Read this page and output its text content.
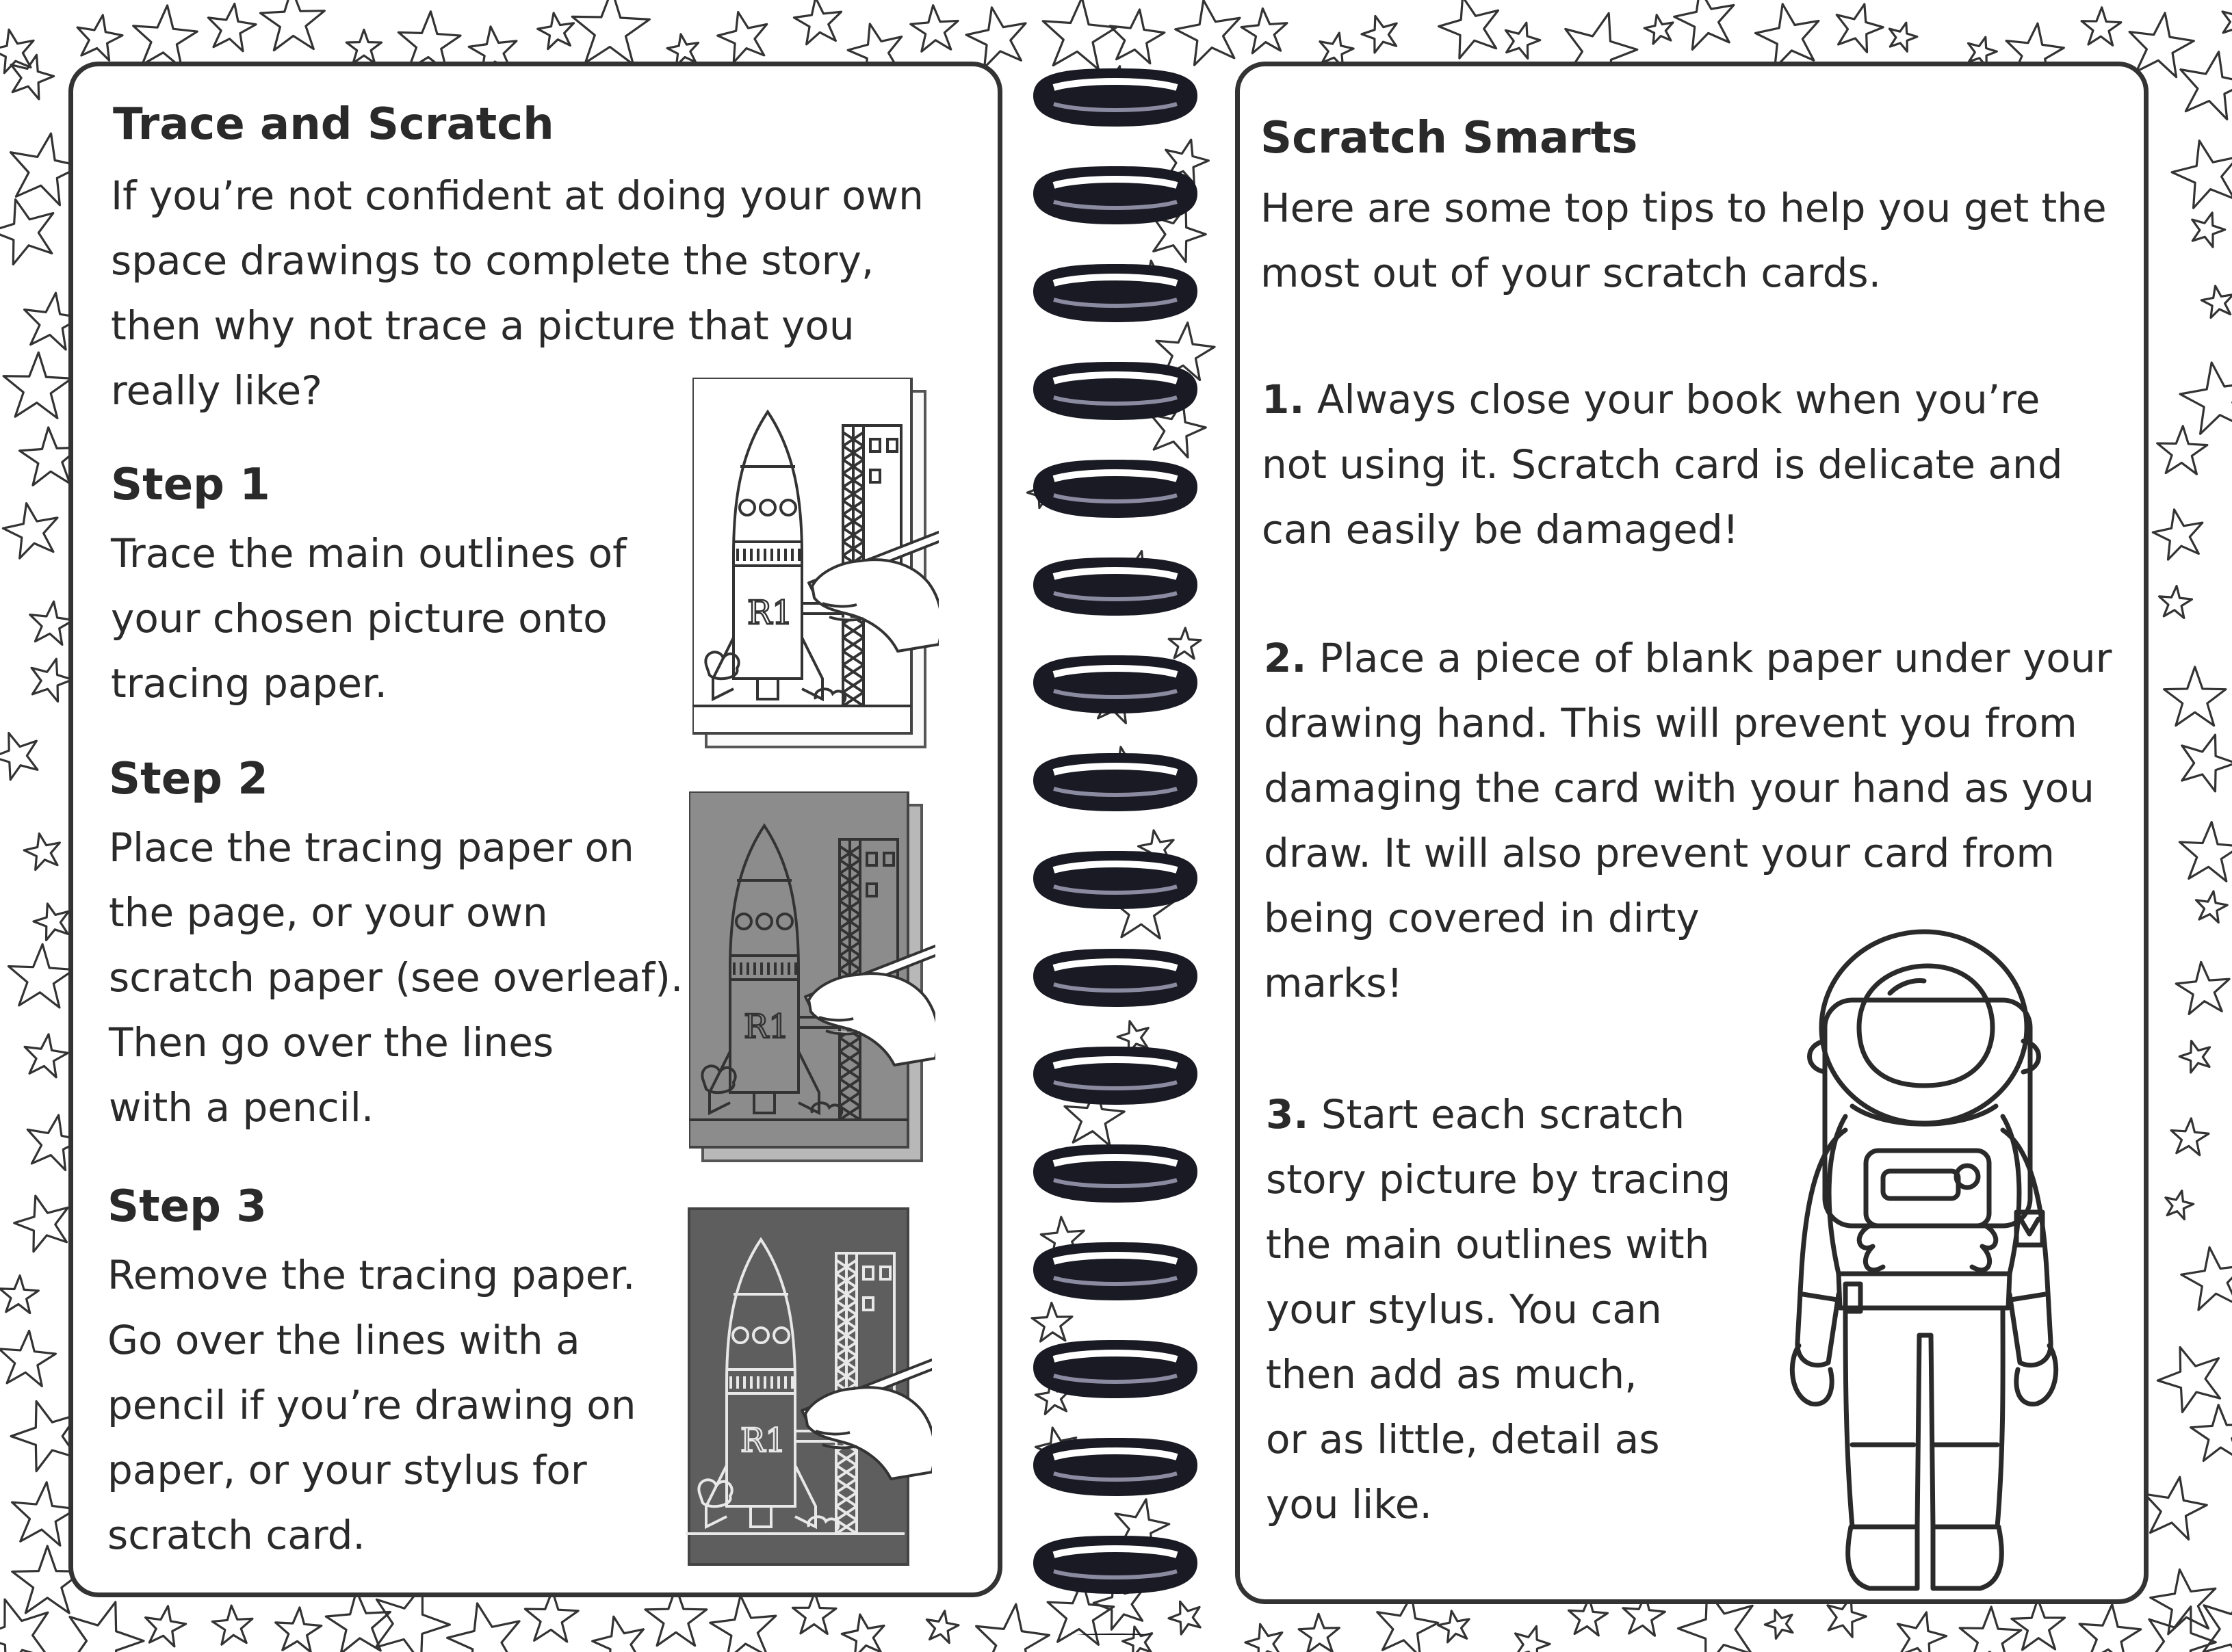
Trace and Scratch

If you’re not confident at doing your own
space drawings to complete the story,
then why not trace a picture that you
really like?

Step 1

Trace the main outlines of
your chosen picture onto
tracing paper.

Step 2

Place the tracing paper on
the page, or your own
scratch paper (see overleaf).
Then go over the lines
with a pencil.

Step 3

Remove the tracing paper.
Go over the lines with a
pencil if you’re drawing on
paper, or your stylus for
scratch card.

R1
R1
R1
Scratch Smarts

Here are some top tips to help you get the
most out of your scratch cards.

1. Always close your book when you’re
not using it. Scratch card is delicate and
can easily be damaged!

2. Place a piece of blank paper under your
drawing hand. This will prevent you from
damaging the card with your hand as you
draw. It will also prevent your card from
being covered in dirty
marks!

3. Start each scratch
story picture by tracing
the main outlines with
your stylus. You can
then add as much,
or as little, detail as
you like.
